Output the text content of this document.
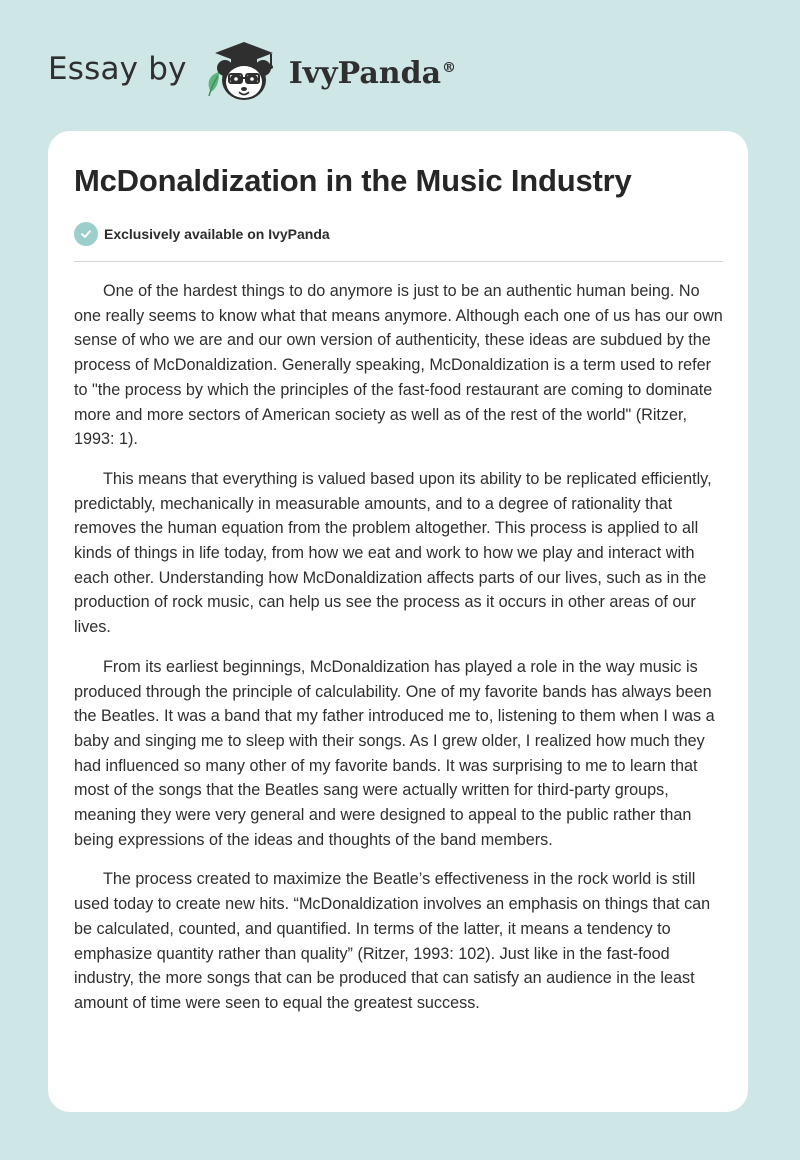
Essay by	IvyPanda®
McDonaldization in the Music Industry
Exclusively available on IvyPanda

One of the hardest things to do anymore is just to be an authentic human being. No one really seems to know what that means anymore. Although each one of us has our own sense of who we are and our own version of authenticity, these ideas are subdued by the process of McDonaldization. Generally speaking, McDonaldization is a term used to refer to "the process by which the principles of the fast-food restaurant are coming to dominate more and more sectors of American society as well as of the rest of the world" (Ritzer, 1993: 1).

This means that everything is valued based upon its ability to be replicated efficiently, predictably, mechanically in measurable amounts, and to a degree of rationality that removes the human equation from the problem altogether. This process is applied to all kinds of things in life today, from how we eat and work to how we play and interact with each other. Understanding how McDonaldization affects parts of our lives, such as in the production of rock music, can help us see the process as it occurs in other areas of our lives.

From its earliest beginnings, McDonaldization has played a role in the way music is produced through the principle of calculability. One of my favorite bands has always been the Beatles. It was a band that my father introduced me to, listening to them when I was a baby and singing me to sleep with their songs. As I grew older, I realized how much they had influenced so many other of my favorite bands. It was surprising to me to learn that most of the songs that the Beatles sang were actually written for third-party groups, meaning they were very general and were designed to appeal to the public rather than being expressions of the ideas and thoughts of the band members.

The process created to maximize the Beatle’s effectiveness in the rock world is still used today to create new hits. “McDonaldization involves an emphasis on things that can be calculated, counted, and quantified. In terms of the latter, it means a tendency to emphasize quantity rather than quality” (Ritzer, 1993: 102). Just like in the fast-food industry, the more songs that can be produced that can satisfy an audience in the least amount of time were seen to equal the greatest success.
